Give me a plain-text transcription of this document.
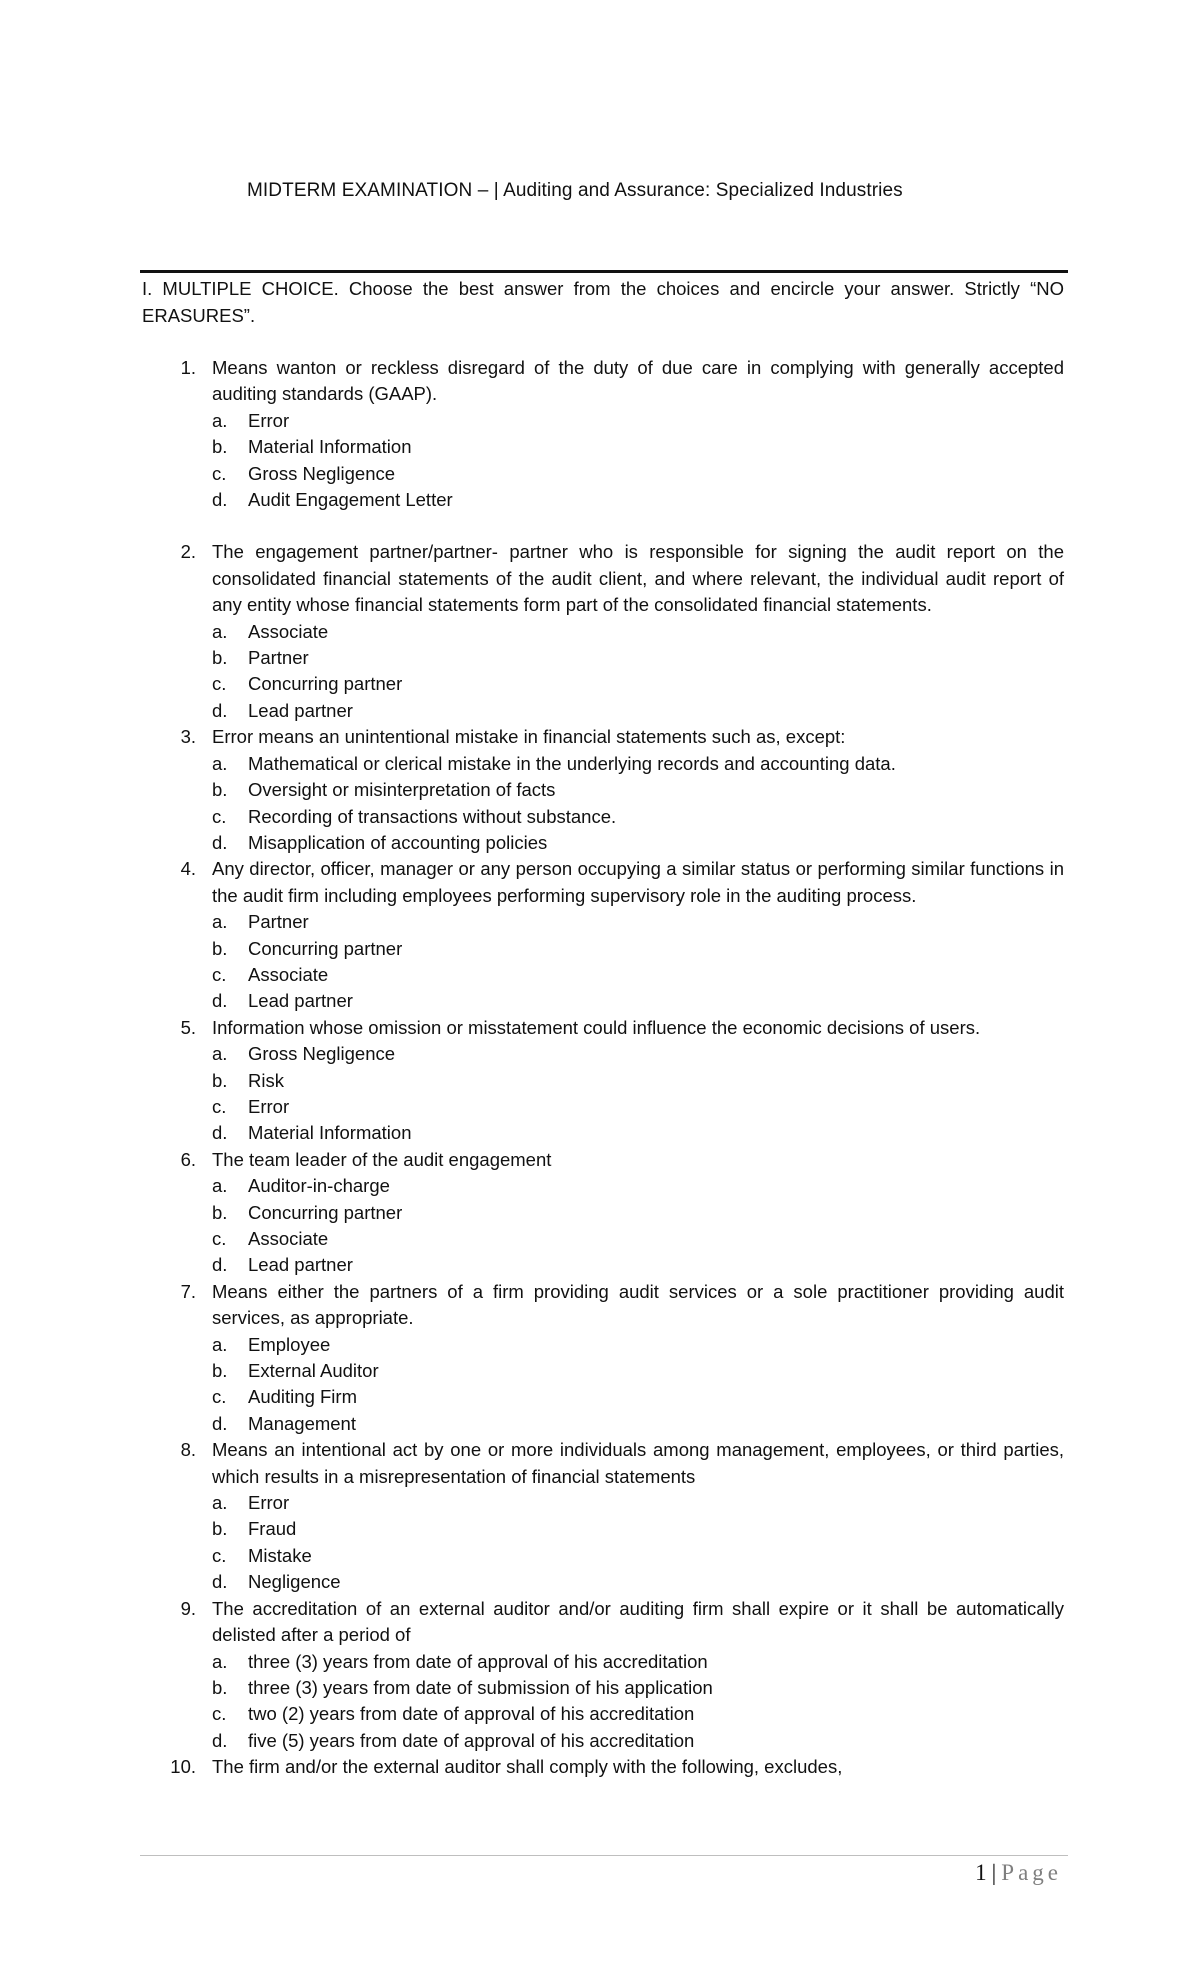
MIDTERM EXAMINATION – | Auditing and Assurance: Specialized Industries
I. MULTIPLE CHOICE. Choose the best answer from the choices and encircle your answer. Strictly “NO ERASURES”.
1. Means wanton or reckless disregard of the duty of due care in complying with generally accepted auditing standards (GAAP).
a. Error
b. Material Information
c. Gross Negligence
d. Audit Engagement Letter
2. The engagement partner/partner- partner who is responsible for signing the audit report on the consolidated financial statements of the audit client, and where relevant, the individual audit report of any entity whose financial statements form part of the consolidated financial statements.
a. Associate
b. Partner
c. Concurring partner
d. Lead partner
3. Error means an unintentional mistake in financial statements such as, except:
a. Mathematical or clerical mistake in the underlying records and accounting data.
b. Oversight or misinterpretation of facts
c. Recording of transactions without substance.
d. Misapplication of accounting policies
4. Any director, officer, manager or any person occupying a similar status or performing similar functions in the audit firm including employees performing supervisory role in the auditing process.
a. Partner
b. Concurring partner
c. Associate
d. Lead partner
5. Information whose omission or misstatement could influence the economic decisions of users.
a. Gross Negligence
b. Risk
c. Error
d. Material Information
6. The team leader of the audit engagement
a. Auditor-in-charge
b. Concurring partner
c. Associate
d. Lead partner
7. Means either the partners of a firm providing audit services or a sole practitioner providing audit services, as appropriate.
a. Employee
b. External Auditor
c. Auditing Firm
d. Management
8. Means an intentional act by one or more individuals among management, employees, or third parties, which results in a misrepresentation of financial statements
a. Error
b. Fraud
c. Mistake
d. Negligence
9. The accreditation of an external auditor and/or auditing firm shall expire or it shall be automatically delisted after a period of
a. three (3) years from date of approval of his accreditation
b. three (3) years from date of submission of his application
c. two (2) years from date of approval of his accreditation
d. five (5) years from date of approval of his accreditation
10. The firm and/or the external auditor shall comply with the following, excludes,
1 | Page
